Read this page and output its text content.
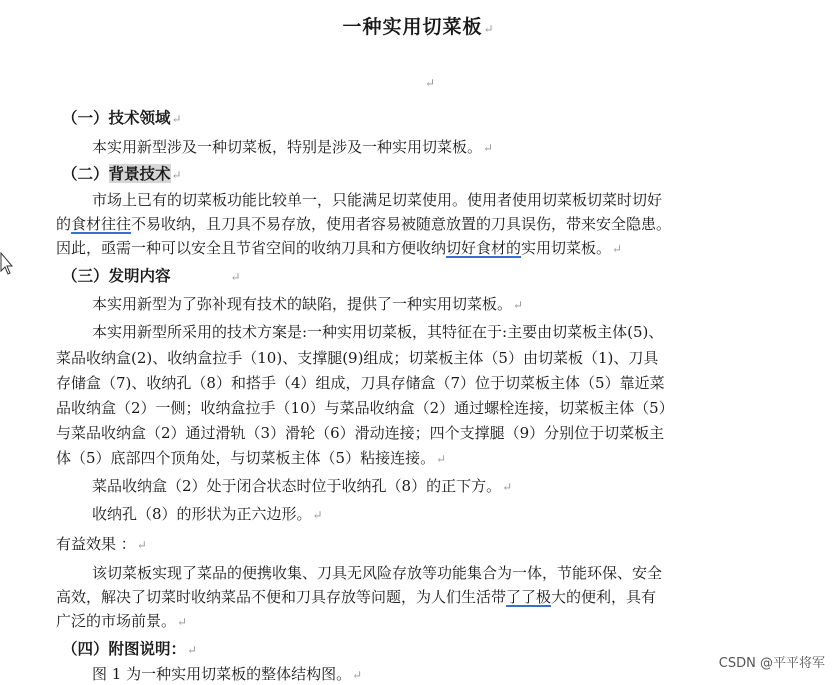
一种实用切菜板↵
↵
（一）技术领域↵
本实用新型涉及一种切菜板，特别是涉及一种实用切菜板。↵
（二）背景技术↵
市场上已有的切菜板功能比较单一，只能满足切菜使用。使用者使用切菜板切菜时切好
的食材往往不易收纳，且刀具不易存放，使用者容易被随意放置的刀具误伤，带来安全隐患。
因此，亟需一种可以安全且节省空间的收纳刀具和方便收纳切好食材的实用切菜板。↵
（三）发明内容	↵
本实用新型为了弥补现有技术的缺陷，提供了一种实用切菜板。↵
本实用新型所采用的技术方案是:一种实用切菜板，其特征在于:主要由切菜板主体(5)、
菜品收纳盒(2)、收纳盒拉手（10)、支撑腿(9)组成；切菜板主体（5）由切菜板（1)、刀具
存储盒（7)、收纳孔（8）和搭手（4）组成，刀具存储盒（7）位于切菜板主体（5）靠近菜
品收纳盒（2）一侧；收纳盒拉手（10）与菜品收纳盒（2）通过螺栓连接，切菜板主体（5）
与菜品收纳盒（2）通过滑轨（3）滑轮（6）滑动连接；四个支撑腿（9）分别位于切菜板主
体（5）底部四个顶角处，与切菜板主体（5）粘接连接。↵
菜品收纳盒（2）处于闭合状态时位于收纳孔（8）的正下方。↵
收纳孔（8）的形状为正六边形。↵
有益效果 ：↵
该切菜板实现了菜品的便携收集、刀具无风险存放等功能集合为一体，节能环保、安全
高效，解决了切菜时收纳菜品不便和刀具存放等问题，为人们生活带了了极大的便利，具有
广泛的市场前景。↵
（四）附图说明：↵
图 1 为一种实用切菜板的整体结构图。↵
CSDN @平平将军
